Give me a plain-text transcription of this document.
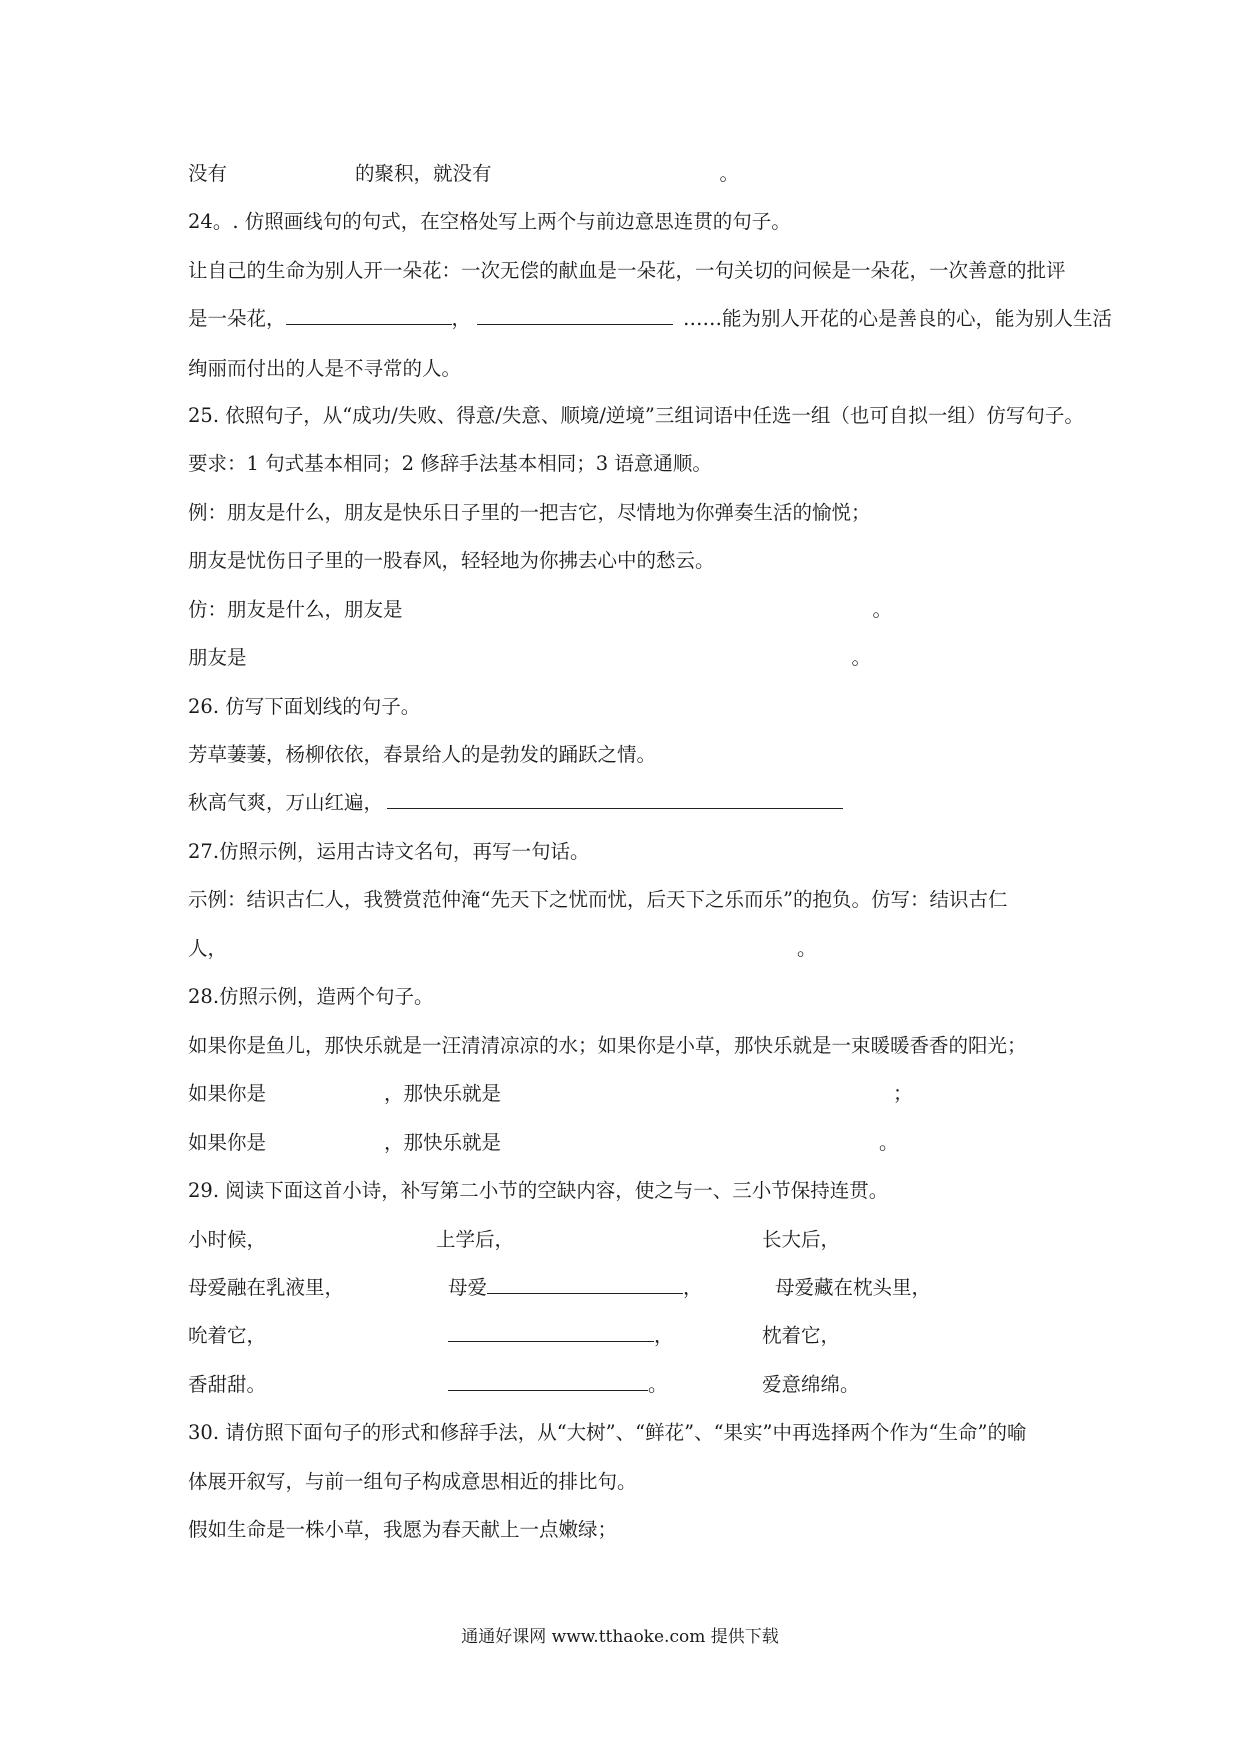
没有	的聚积，就没有	。
24。. 仿照画线句的句式，在空格处写上两个与前边意思连贯的句子。
让自己的生命为别人开一朵花：一次无偿的献血是一朵花，一句关切的问候是一朵花，一次善意的批评
是一朵花，	，	……能为别人开花的心是善良的心，能为别人生活
绚丽而付出的人是不寻常的人。
25. 依照句子，从“成功/失败、得意/失意、顺境/逆境”三组词语中任选一组（也可自拟一组）仿写句子。
要求：1 句式基本相同；2 修辞手法基本相同；3 语意通顺。
例：朋友是什么，朋友是快乐日子里的一把吉它，尽情地为你弹奏生活的愉悦；
朋友是忧伤日子里的一股春风，轻轻地为你拂去心中的愁云。
仿：朋友是什么，朋友是	。
朋友是	。
26. 仿写下面划线的句子。
芳草萋萋，杨柳依依，春景给人的是勃发的踊跃之情。
秋高气爽，万山红遍，
27.仿照示例，运用古诗文名句，再写一句话。
示例：结识古仁人，我赞赏范仲淹“先天下之忧而忧，后天下之乐而乐”的抱负。仿写：结识古仁
人，	。
28.仿照示例，造两个句子。
如果你是鱼儿，那快乐就是一汪清清凉凉的水；如果你是小草，那快乐就是一束暖暖香香的阳光；
如果你是	，那快乐就是	；
如果你是	，那快乐就是	。
29. 阅读下面这首小诗，补写第二小节的空缺内容，使之与一、三小节保持连贯。
小时候，	上学后，	长大后，
母爱融在乳液里，	母爱	，	母爱藏在枕头里，
吮着它，	，	枕着它，
香甜甜。	。	爱意绵绵。
30. 请仿照下面句子的形式和修辞手法，从“大树”、“鲜花”、“果实”中再选择两个作为“生命”的喻
体展开叙写，与前一组句子构成意思相近的排比句。
假如生命是一株小草，我愿为春天献上一点嫩绿；
通通好课网 www.tthaoke.com 提供下载
